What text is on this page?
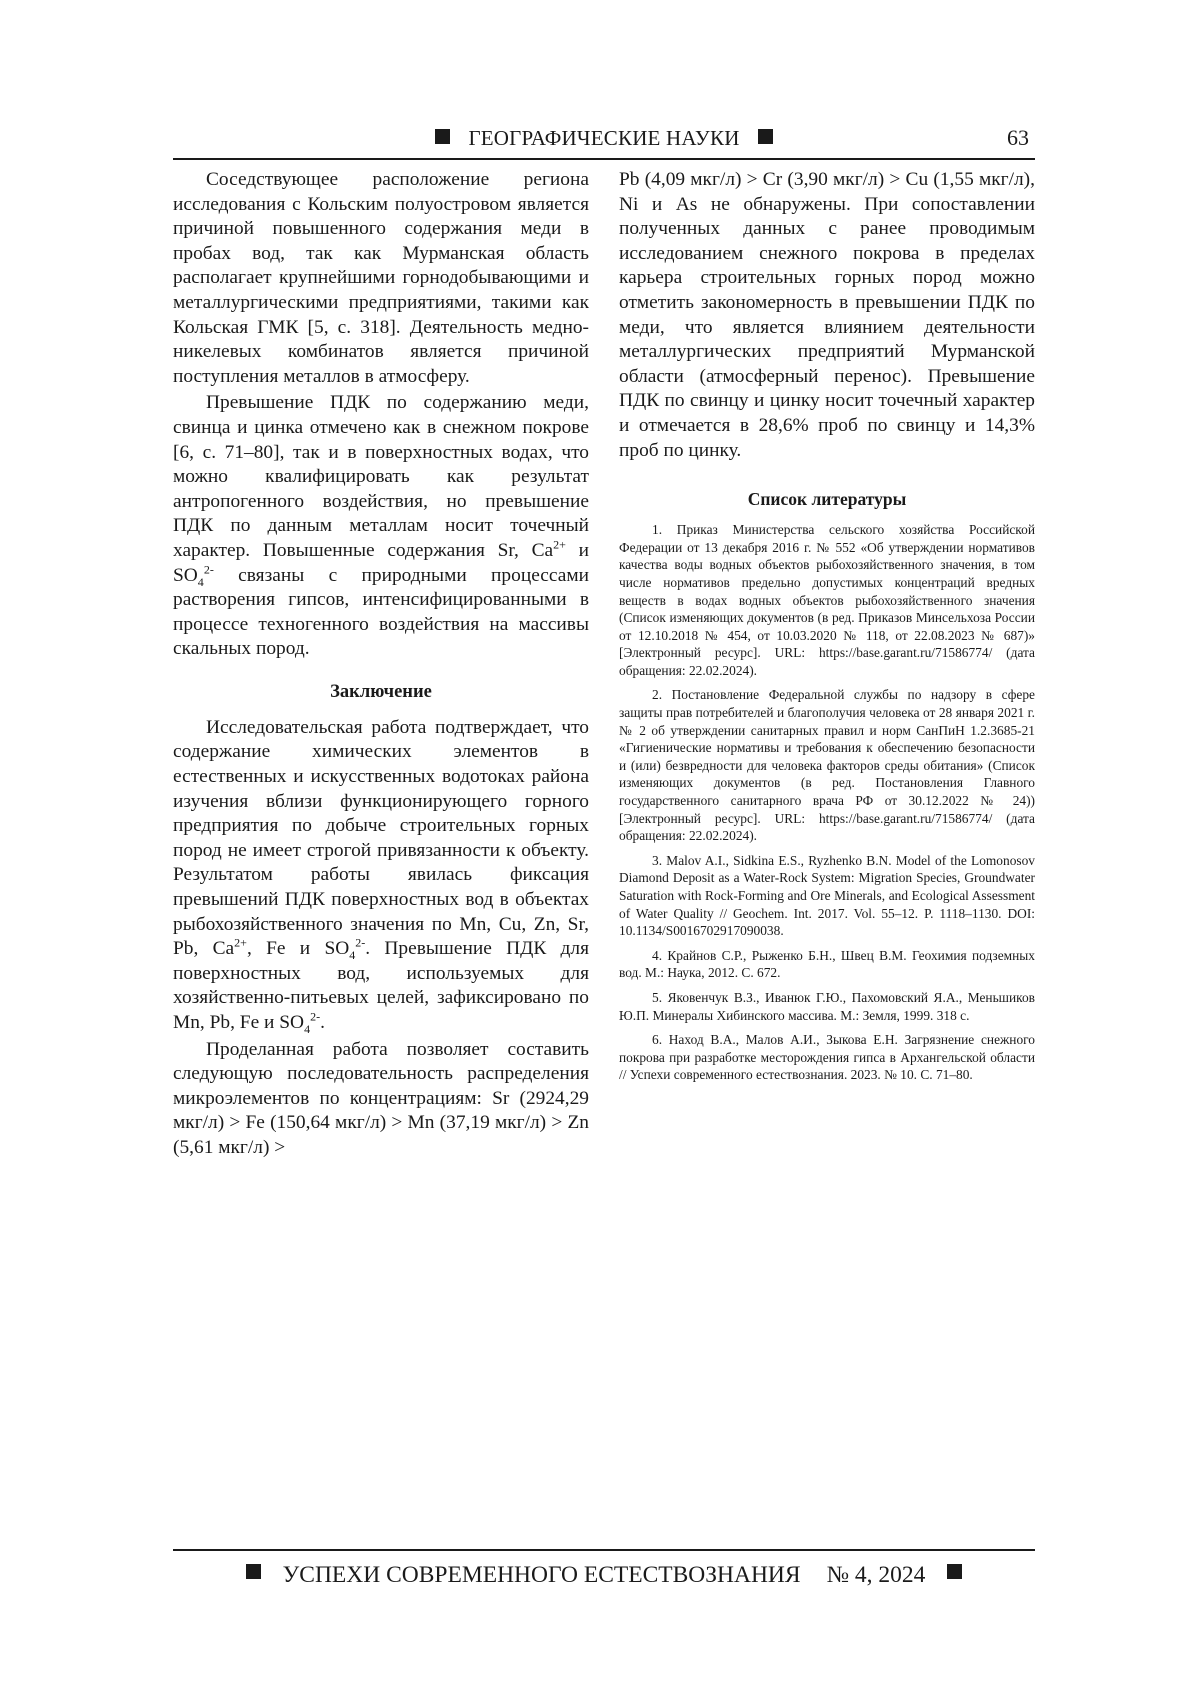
ГЕОГРАФИЧЕСКИЕ НАУКИ	63

Соседствующее расположение региона исследования с Кольским полуостровом является причиной повышенного содержания меди в пробах вод, так как Мурманская область располагает крупнейшими горнодобывающими и металлургическими предприятиями, такими как Кольская ГМК [5, с. 318]. Деятельность медно-никелевых комбинатов является причиной поступления металлов в атмосферу.

Превышение ПДК по содержанию меди, свинца и цинка отмечено как в снежном покрове [6, с. 71–80], так и в поверхностных водах, что можно квалифицировать как результат антропогенного воздействия, но превышение ПДК по данным металлам носит точечный характер. Повышенные содержания Sr, $Ca^{2+}$ и $SO_4^{2-}$ связаны с природными процессами растворения гипсов, интенсифицированными в процессе техногенного воздействия на массивы скальных пород.

Заключение

Исследовательская работа подтверждает, что содержание химических элементов в естественных и искусственных водотоках района изучения вблизи функционирующего горного предприятия по добыче строительных горных пород не имеет строгой привязанности к объекту. Результатом работы явилась фиксация превышений ПДК поверхностных вод в объектах рыбохозяйственного значения по Mn, Cu, Zn, Sr, Pb, $Ca^{2+}$, Fe и $SO_4^{2-}$. Превышение ПДК для поверхностных вод, используемых для хозяйственно-питьевых целей, зафиксировано по Mn, Pb, Fe и $SO_4^{2-}$.

Проделанная работа позволяет составить следующую последовательность распределения микроэлементов по концентрациям: Sr (2924,29 мкг/л) > Fe (150,64 мкг/л) > Mn (37,19 мкг/л) > Zn (5,61 мкг/л) >

Pb (4,09 мкг/л) > Cr (3,90 мкг/л) > Cu (1,55 мкг/л), Ni и As не обнаружены. При сопоставлении полученных данных с ранее проводимым исследованием снежного покрова в пределах карьера строительных горных пород можно отметить закономерность в превышении ПДК по меди, что является влиянием деятельности металлургических предприятий Мурманской области (атмосферный перенос). Превышение ПДК по свинцу и цинку носит точечный характер и отмечается в 28,6% проб по свинцу и 14,3% проб по цинку.

Список литературы

1. Приказ Министерства сельского хозяйства Российской Федерации от 13 декабря 2016 г. № 552 «Об утверждении нормативов качества воды водных объектов рыбохозяйственного значения, в том числе нормативов предельно допустимых концентраций вредных веществ в водах водных объектов рыбохозяйственного значения (Список изменяющих документов (в ред. Приказов Минсельхоза России от 12.10.2018 № 454, от 10.03.2020 № 118, от 22.08.2023 № 687)» [Электронный ресурс]. URL: https://base.garant.ru/71586774/ (дата обращения: 22.02.2024).

2. Постановление Федеральной службы по надзору в сфере защиты прав потребителей и благополучия человека от 28 января 2021 г. № 2 об утверждении санитарных правил и норм СанПиН 1.2.3685-21 «Гигиенические нормативы и требования к обеспечению безопасности и (или) безвредности для человека факторов среды обитания» (Список изменяющих документов (в ред. Постановления Главного государственного санитарного врача РФ от 30.12.2022 № 24)) [Электронный ресурс]. URL: https://base.garant.ru/71586774/ (дата обращения: 22.02.2024).

3. Malov A.I., Sidkina E.S., Ryzhenko B.N. Model of the Lomonosov Diamond Deposit as a Water-Rock System: Migration Species, Groundwater Saturation with Rock-Forming and Ore Minerals, and Ecological Assessment of Water Quality // Geochem. Int. 2017. Vol. 55–12. P. 1118–1130. DOI: 10.1134/S0016702917090038.

4. Крайнов С.Р., Рыженко Б.Н., Швец В.М. Геохимия подземных вод. М.: Наука, 2012. С. 672.

5. Яковенчук В.З., Иванюк Г.Ю., Пахомовский Я.А., Меньшиков Ю.П. Минералы Хибинского массива. М.: Земля, 1999. 318 с.

6. Наход В.А., Малов А.И., Зыкова Е.Н. Загрязнение снежного покрова при разработке месторождения гипса в Архангельской области // Успехи современного естествознания. 2023. № 10. С. 71–80.

УСПЕХИ СОВРЕМЕННОГО ЕСТЕСТВОЗНАНИЯ № 4, 2024
